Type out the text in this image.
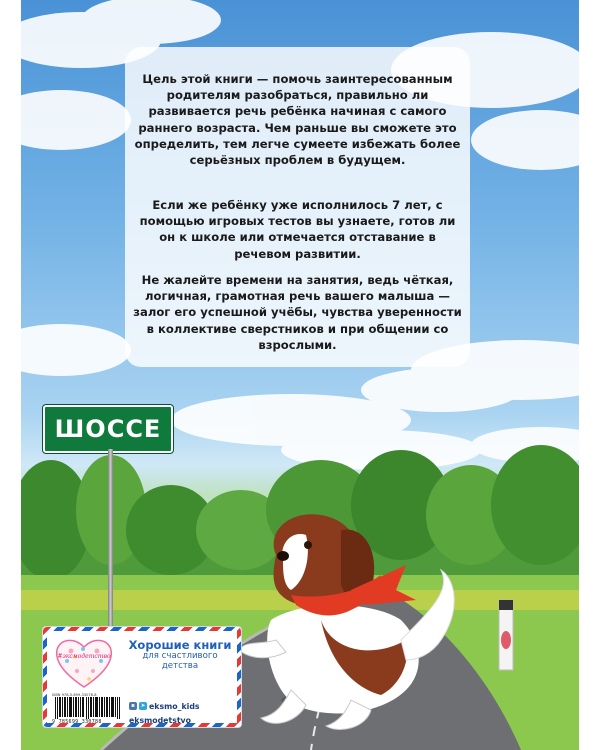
Цель этой книги — помочь заинтересованным родителям разобраться, правильно ли развивается речь ребёнка начиная с самого раннего возраста. Чем раньше вы сможете это определить, тем легче сумеете избежать более серьёзных проблем в будущем.

Если же ребёнку уже исполнилось 7 лет, с помощью игровых тестов вы узнаете, готов ли он к школе или отмечается отставание в речевом развитии.

Не жалейте времени на занятия, ведь чёткая, логичная, грамотная речь вашего малыша — залог его успешной учёбы, чувства уверенности в коллективе сверстников и при общении со взрослыми.

ШОССЕ
#эксмодетство
Хорошие книги
для счастливого детства
ISBN 978-5-699-33078-8
9 785699 330788
в	➤ eksmo_kids
eksmodetstvo
